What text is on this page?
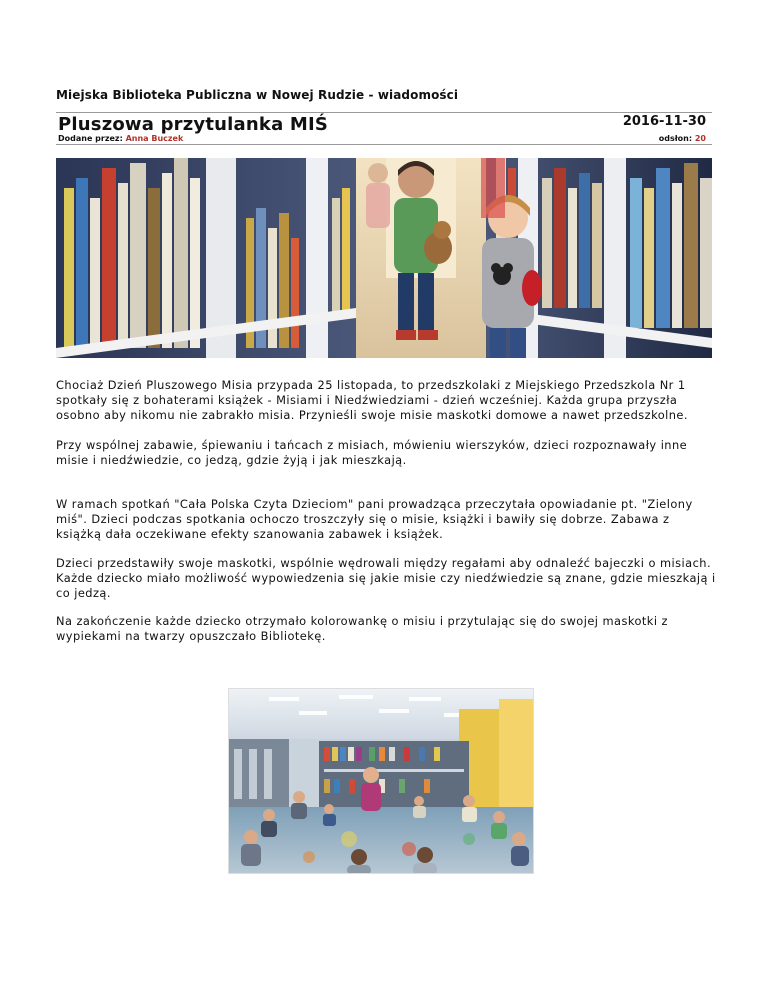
Miejska Biblioteka Publiczna w Nowej Rudzie - wiadomości
Pluszowa przytulanka MIŚ	2016-11-30
Dodane przez: Anna Buczek	odsłon: 20

Chociaż Dzień Pluszowego Misia przypada 25 listopada, to przedszkolaki z Miejskiego Przedszkola Nr 1 spotkały się z bohaterami książek - Misiami i Niedźwiedziami - dzień wcześniej. Każda grupa przyszła osobno aby nikomu nie zabrakło misia. Przynieśli swoje misie maskotki domowe a nawet przedszkolne.

Przy wspólnej zabawie, śpiewaniu i tańcach z misiach, mówieniu wierszyków, dzieci rozpoznawały inne misie i niedźwiedzie, co jedzą, gdzie żyją i jak mieszkają.

W ramach spotkań "Cała Polska Czyta Dzieciom" pani prowadząca przeczytała opowiadanie pt. "Zielony miś". Dzieci podczas spotkania ochoczo troszczyły się o misie, książki i bawiły się dobrze. Zabawa z książką dała oczekiwane efekty szanowania zabawek i książek.

Dzieci przedstawiły swoje maskotki, wspólnie wędrowali między regałami aby odnaleźć bajeczki o misiach. Każde dziecko miało możliwość wypowiedzenia się jakie misie czy niedźwiedzie są znane, gdzie mieszkają i co jedzą.

Na zakończenie każde dziecko otrzymało kolorowankę o misiu i przytulając się do swojej maskotki z wypiekami na twarzy opuszczało Bibliotekę.
